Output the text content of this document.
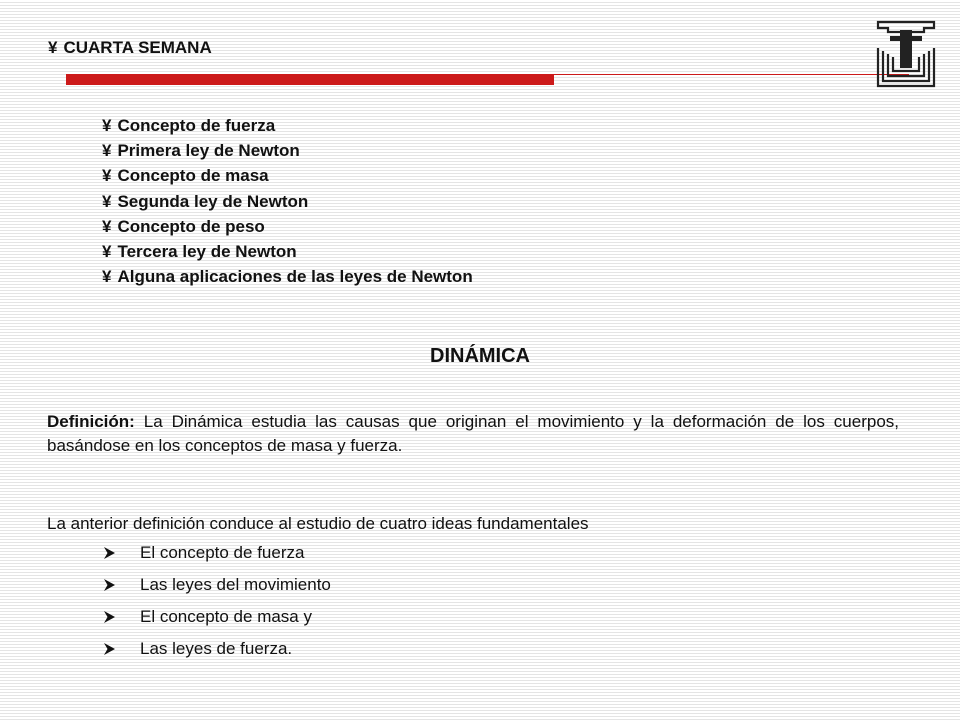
¥ CUARTA SEMANA
¥ Concepto de fuerza
¥ Primera ley de Newton
¥ Concepto de masa
¥ Segunda ley de Newton
¥ Concepto de peso
¥ Tercera ley de Newton
¥ Alguna aplicaciones de las leyes de Newton
DINÁMICA

Definición: La Dinámica estudia las causas que originan el movimiento y la deformación de los cuerpos, basándose en los conceptos de masa y fuerza.

La anterior definición conduce al estudio de cuatro ideas fundamentales

El concepto de fuerza
Las leyes del movimiento
El concepto de masa y
Las leyes de fuerza.
